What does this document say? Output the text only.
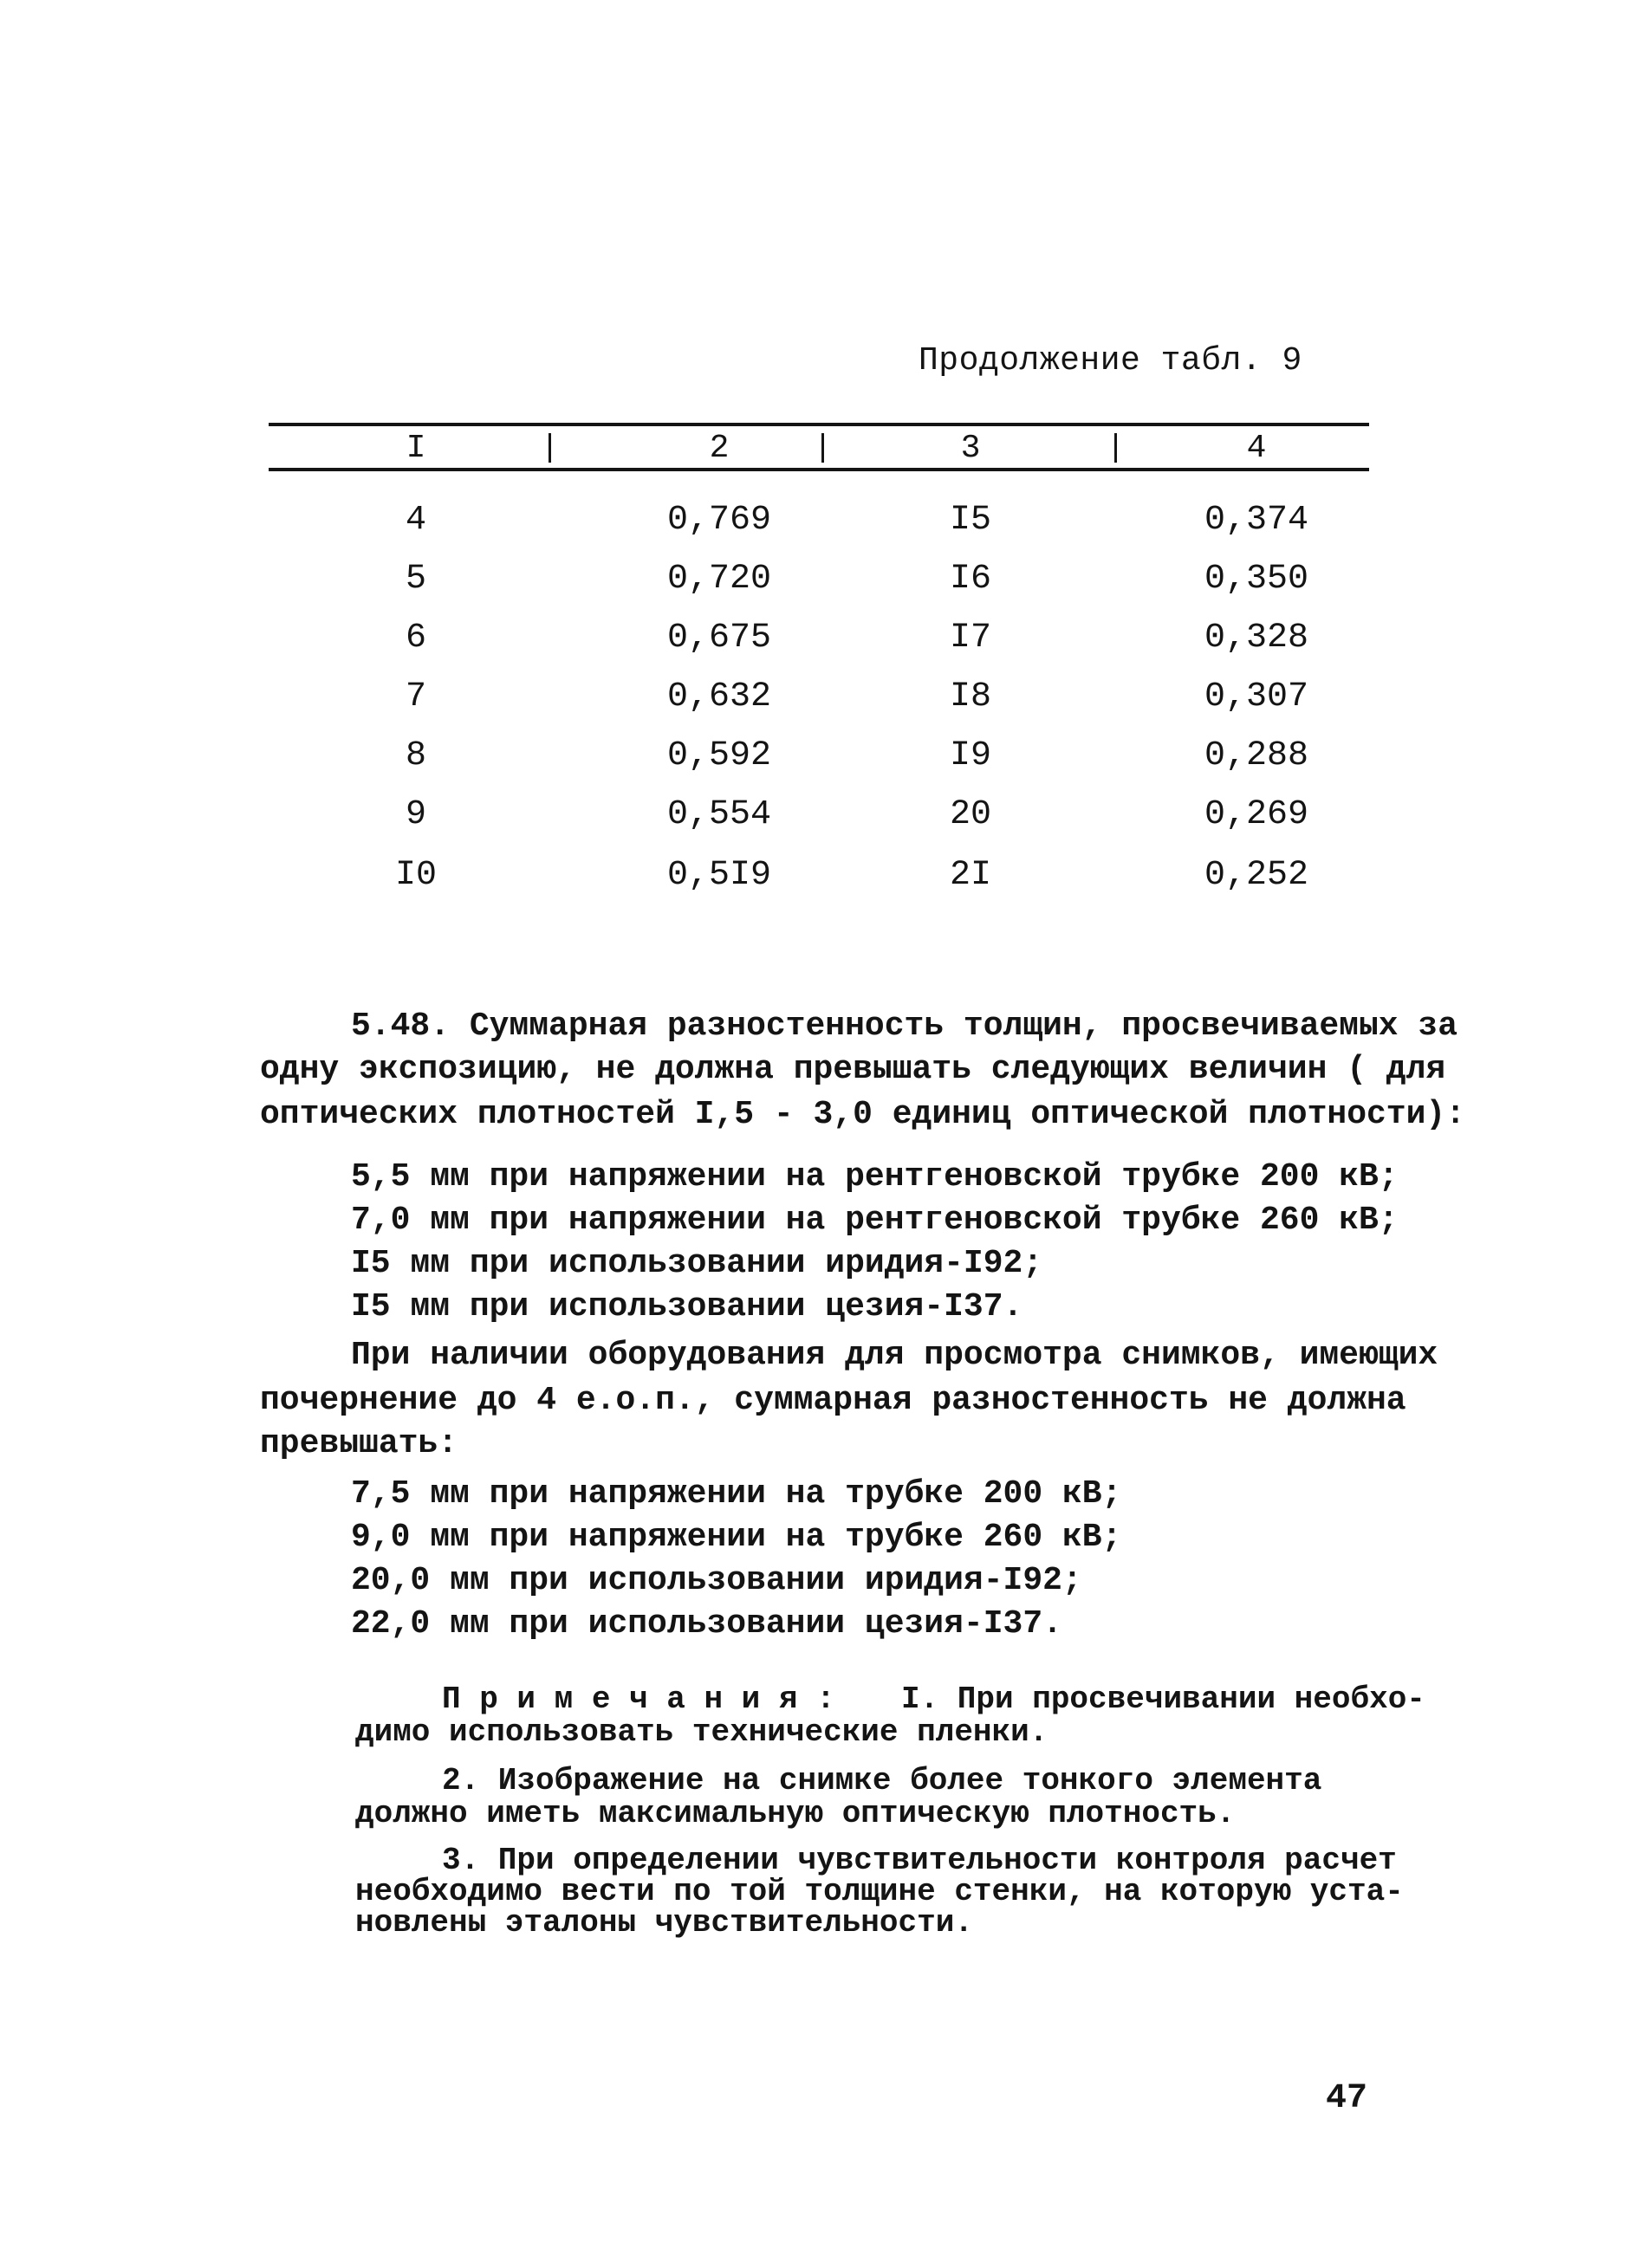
Продолжение табл. 9
I	2	3	4
4	0,769	I5	0,374
5	0,720	I6	0,350
6	0,675	I7	0,328
7	0,632	I8	0,307
8	0,592	I9	0,288
9	0,554	20	0,269
I0	0,5I9	2I	0,252
5.48. Суммарная разностенность толщин, просвечиваемых за
одну экспозицию, не должна превышать следующих величин ( для
оптических плотностей I,5 - 3,0 единиц оптической плотности):
5,5 мм при напряжении на рентгеновской трубке 200 кВ;
7,0 мм при напряжении на рентгеновской трубке 260 кВ;
I5 мм при использовании иридия-I92;
I5 мм при использовании цезия-I37.
При наличии оборудования для просмотра снимков, имеющих
почернение до 4 е.о.п., суммарная разностенность не должна
превышать:
7,5 мм при напряжении на трубке 200 кВ;
9,0 мм при напряжении на трубке 260 кВ;
20,0 мм при использовании иридия-I92;
22,0 мм при использовании цезия-I37.
П р и м е ч а н и я : I. При просвечивании необхо-
димо использовать технические пленки.
2. Изображение на снимке более тонкого элемента
должно иметь максимальную оптическую плотность.
3. При определении чувствительности контроля расчет
необходимо вести по той толщине стенки, на которую уста-
новлены эталоны чувствительности.
47
